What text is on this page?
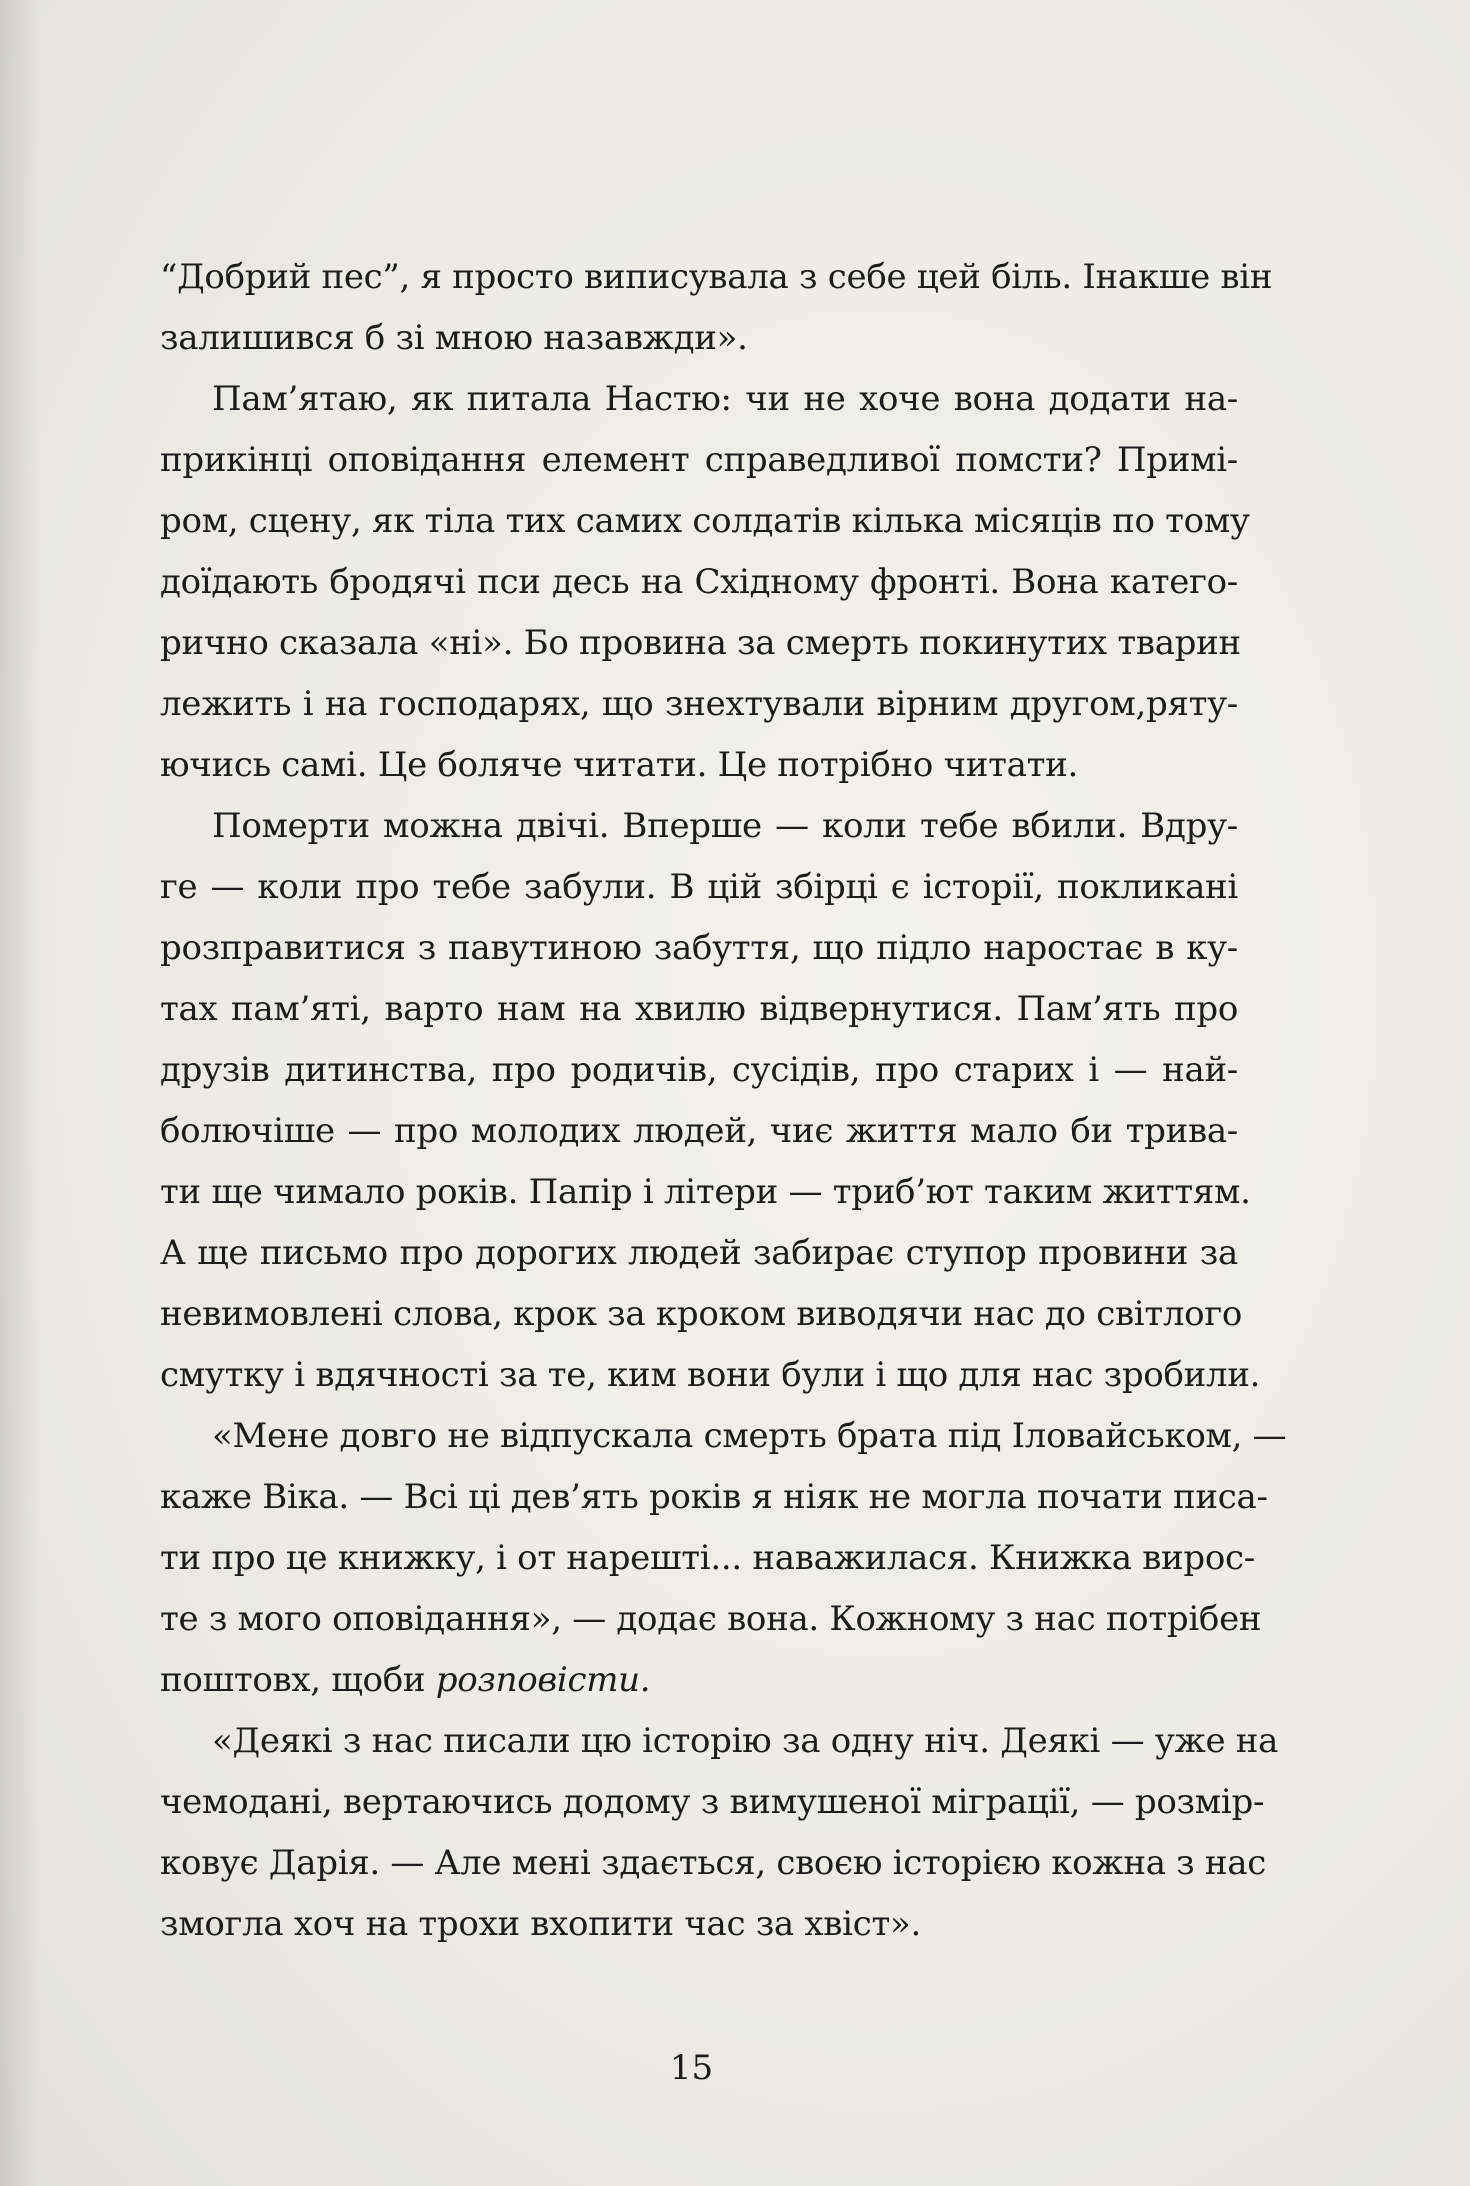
“Добрий пес”, я просто виписувала з себе цей біль. Інакше він
залишився б зі мною назавжди».
Пам’ятаю, як питала Настю: чи не хоче вона додати на-
прикінці оповідання елемент справедливої помсти? Примі-
ром, сцену, як тіла тих самих солдатів кілька місяців по тому
доїдають бродячі пси десь на Східному фронті. Вона катего-
рично сказала «ні». Бо провина за смерть покинутих тварин
лежить і на господарях, що знехтували вірним другом,ряту-
ючись самі. Це боляче читати. Це потрібно читати.
Померти можна двічі. Вперше — коли тебе вбили. Вдру-
ге — коли про тебе забули. В цій збірці є історії, покликані
розправитися з павутиною забуття, що підло наростає в ку-
тах пам’яті, варто нам на хвилю відвернутися. Пам’ять про
друзів дитинства, про родичів, сусідів, про старих і — най-
болючіше — про молодих людей, чиє життя мало би трива-
ти ще чимало років. Папір і літери — триб’ют таким життям.
А ще письмо про дорогих людей забирає ступор провини за
невимовлені слова, крок за кроком виводячи нас до світлого
смутку і вдячності за те, ким вони були і що для нас зробили.
«Мене довго не відпускала смерть брата під Іловайськом, —
каже Віка. — Всі ці дев’ять років я ніяк не могла почати писа-
ти про це книжку, і от нарешті... наважилася. Книжка вирос-
те з мого оповідання», — додає вона. Кожному з нас потрібен
поштовх, щоби розповісти.
«Деякі з нас писали цю історію за одну ніч. Деякі — уже на
чемодані, вертаючись додому з вимушеної міграції, — розмір-
ковує Дарія. — Але мені здається, своєю історією кожна з нас
змогла хоч на трохи вхопити час за хвіст».
15
